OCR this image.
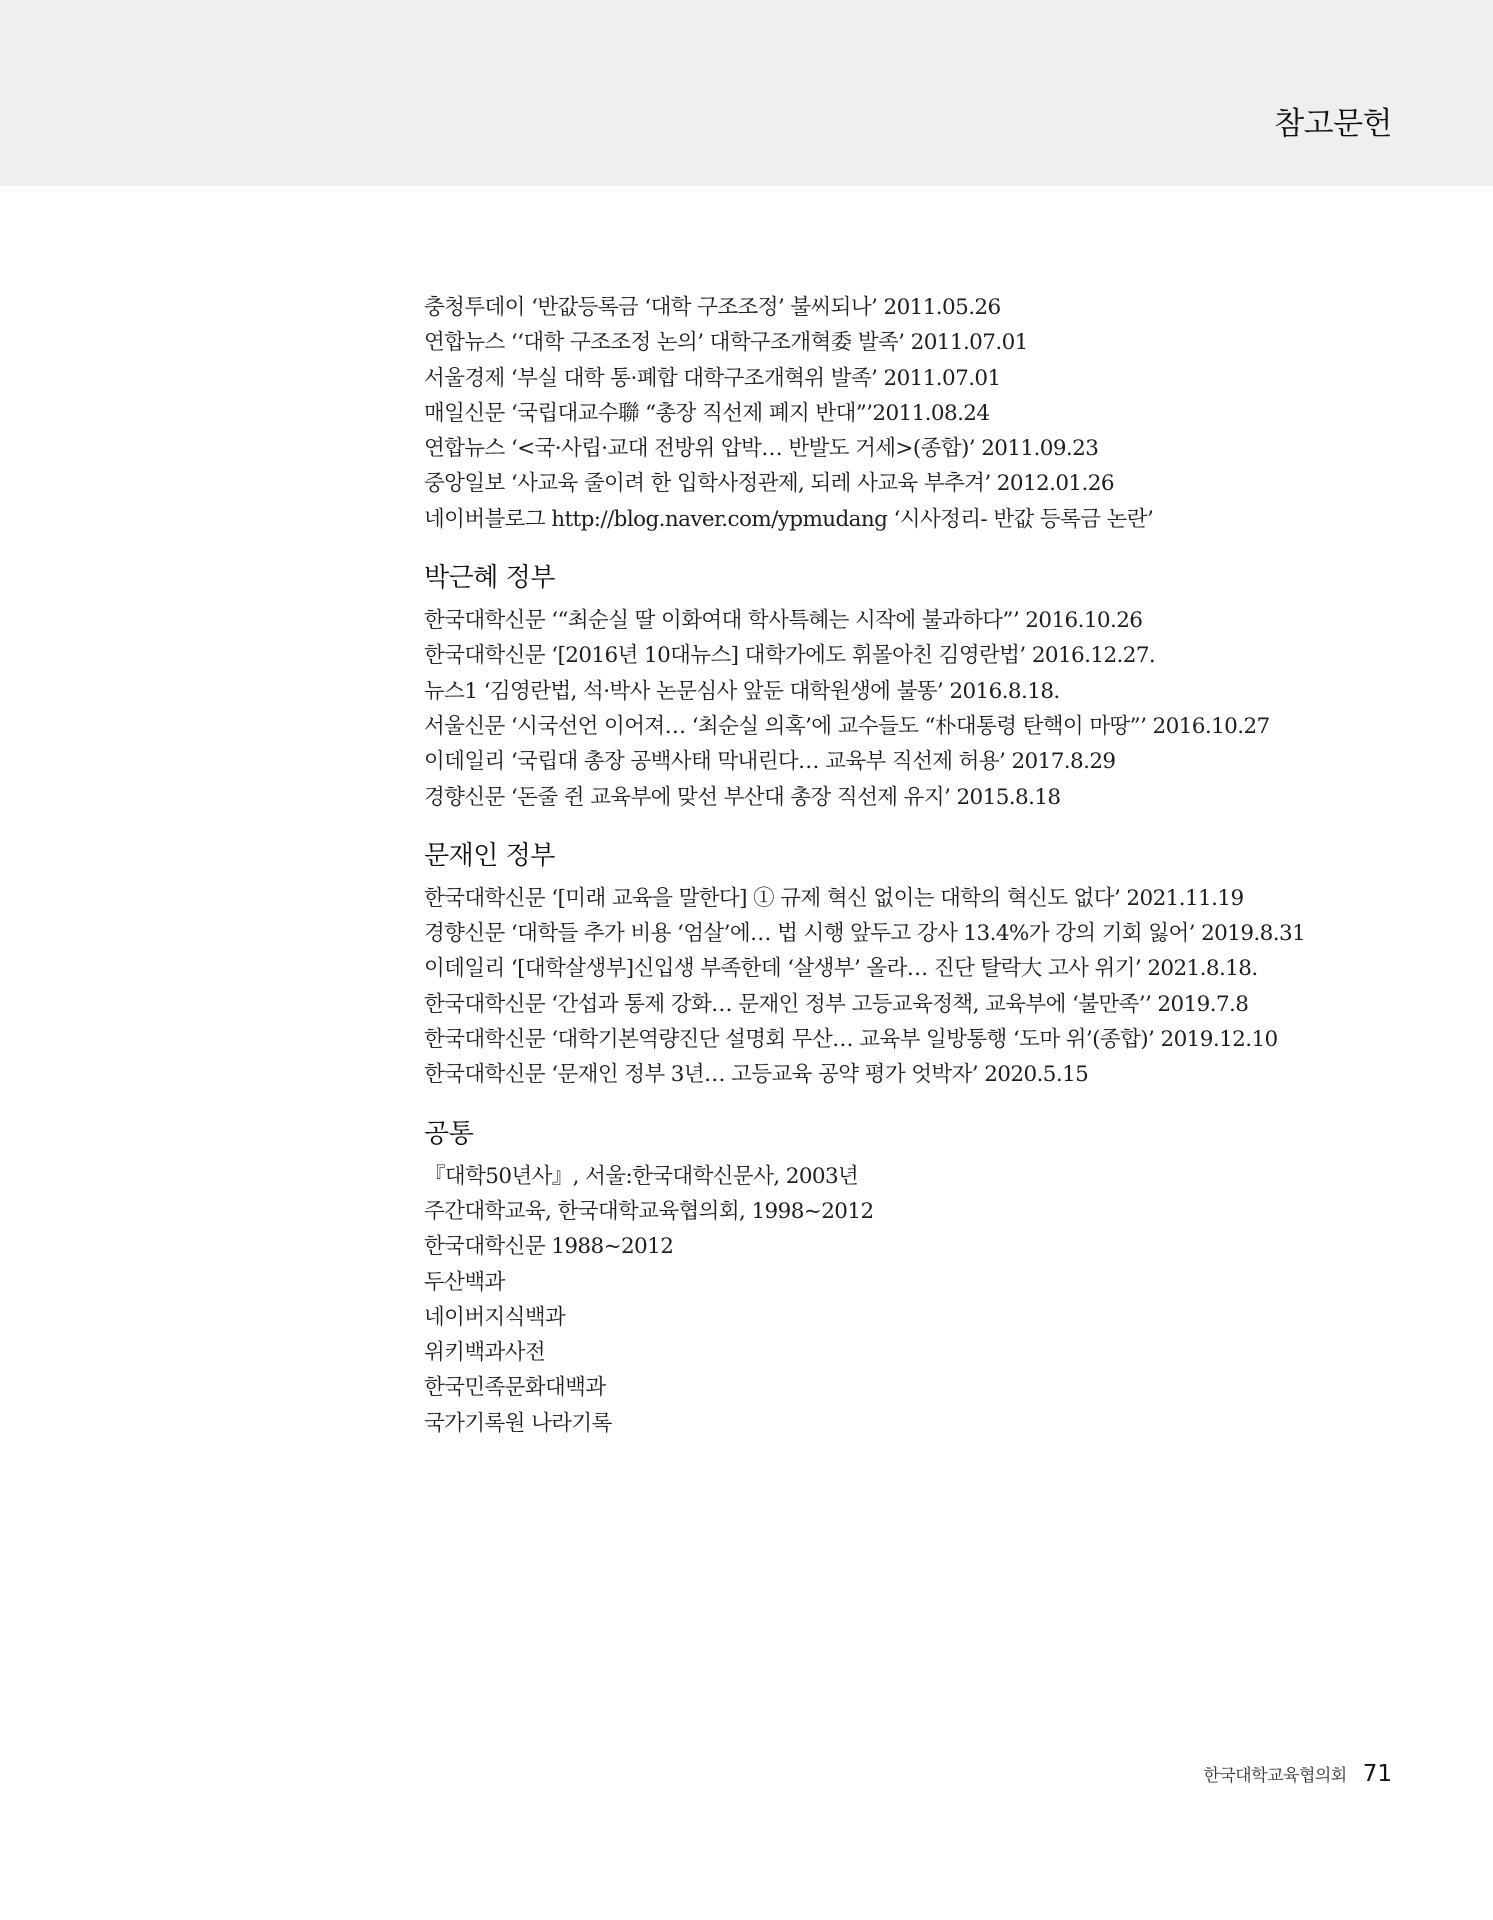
참고문헌
충청투데이 ‘반값등록금 ‘대학 구조조정’ 불씨되나’ 2011.05.26
연합뉴스 ‘‘대학 구조조정 논의’ 대학구조개혁委 발족’ 2011.07.01
서울경제 ‘부실 대학 통·폐합 대학구조개혁위 발족’ 2011.07.01
매일신문 ‘국립대교수聯 “총장 직선제 폐지 반대”’2011.08.24
연합뉴스 ‘<국·사립·교대 전방위 압박… 반발도 거세>(종합)’ 2011.09.23
중앙일보 ‘사교육 줄이려 한 입학사정관제, 되레 사교육 부추겨’ 2012.01.26
네이버블로그 http://blog.naver.com/ypmudang ‘시사정리- 반값 등록금 논란’
박근혜 정부
한국대학신문 ‘“최순실 딸 이화여대 학사특혜는 시작에 불과하다”’ 2016.10.26
한국대학신문 ‘[2016년 10대뉴스] 대학가에도 휘몰아친 김영란법’ 2016.12.27.
뉴스1 ‘김영란법, 석·박사 논문심사 앞둔 대학원생에 불똥’ 2016.8.18.
서울신문 ‘시국선언 이어져… ‘최순실 의혹’에 교수들도 “朴대통령 탄핵이 마땅”’ 2016.10.27
이데일리 ‘국립대 총장 공백사태 막내린다… 교육부 직선제 허용’ 2017.8.29
경향신문 ‘돈줄 쥔 교육부에 맞선 부산대 총장 직선제 유지’ 2015.8.18
문재인 정부
한국대학신문 ‘[미래 교육을 말한다] ① 규제 혁신 없이는 대학의 혁신도 없다’ 2021.11.19
경향신문 ‘대학들 추가 비용 ‘엄살’에… 법 시행 앞두고 강사 13.4%가 강의 기회 잃어’ 2019.8.31
이데일리 ‘[대학살생부]신입생 부족한데 ‘살생부’ 올라… 진단 탈락大 고사 위기’ 2021.8.18.
한국대학신문 ‘간섭과 통제 강화… 문재인 정부 고등교육정책, 교육부에 ‘불만족’’ 2019.7.8
한국대학신문 ‘대학기본역량진단 설명회 무산… 교육부 일방통행 ‘도마 위’(종합)’ 2019.12.10
한국대학신문 ‘문재인 정부 3년… 고등교육 공약 평가 엇박자’ 2020.5.15
공통
『대학50년사』, 서울:한국대학신문사, 2003년
주간대학교육, 한국대학교육협의회, 1998~2012
한국대학신문 1988~2012
두산백과
네이버지식백과
위키백과사전
한국민족문화대백과
국가기록원 나라기록
한국대학교육협의회 71
